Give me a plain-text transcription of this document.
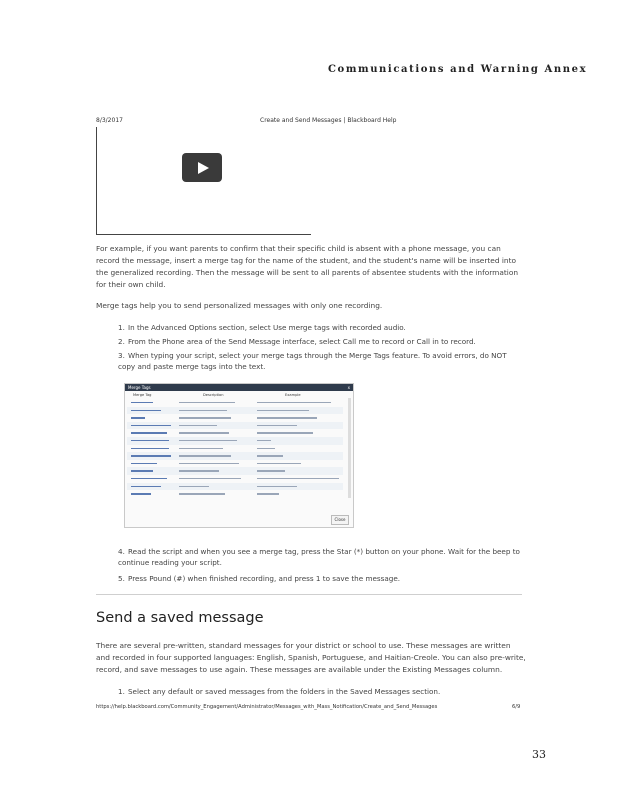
Communications and Warning Annex
8/3/2017	Create and Send Messages | Blackboard Help
For example, if you want parents to confirm that their specific child is absent with a phone message, you can record the message, insert a merge tag for the name of the student, and the student's name will be inserted into the generalized recording. Then the message will be sent to all parents of absentee students with the information for their own child.
Merge tags help you to send personalized messages with only one recording.
1. In the Advanced Options section, select Use merge tags with recorded audio.
2. From the Phone area of the Send Message interface, select Call me to record or Call in to record.
3. When typing your script, select your merge tags through the Merge Tags feature. To avoid errors, do NOT copy and paste merge tags into the text.
Merge Tags	x
Merge Tag	Description	Example
Close
4. Read the script and when you see a merge tag, press the Star (*) button on your phone. Wait for the beep to continue reading your script.
5. Press Pound (#) when finished recording, and press 1 to save the message.
Send a saved message
There are several pre-written, standard messages for your district or school to use. These messages are written and recorded in four supported languages: English, Spanish, Portuguese, and Haitian-Creole. You can also pre-write, record, and save messages to use again. These messages are available under the Existing Messages column.
1. Select any default or saved messages from the folders in the Saved Messages section.
https://help.blackboard.com/Community_Engagement/Administrator/Messages_with_Mass_Notification/Create_and_Send_Messages	6/9
33
